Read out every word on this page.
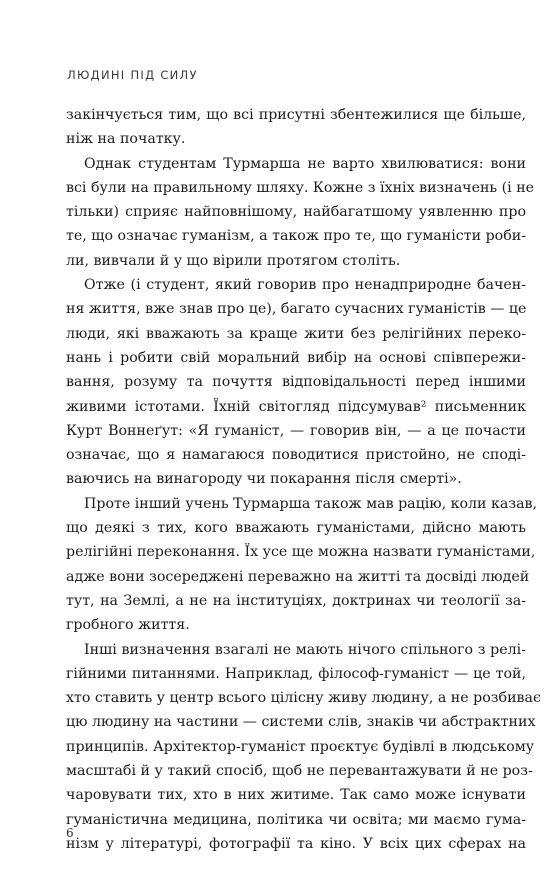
ЛЮДИНІ ПІД СИЛУ
закінчується тим, що всі присутні збентежилися ще більше,
ніж на початку.
Однак студентам Турмарша не варто хвилюватися: вони
всі були на правильному шляху. Кожне з їхніх визначень (і не
тільки) сприяє найповнішому, найбагатшому уявленню про
те, що означає гуманізм, а також про те, що гуманісти роби-
ли, вивчали й у що вірили протягом століть.
Отже (і студент, який говорив про ненадприродне бачен-
ня життя, вже знав про це), багато сучасних гуманістів — це
люди, які вважають за краще жити без релігійних переко-
нань і робити свій моральний вибір на основі співпережи-
вання, розуму та почуття відповідальності перед іншими
живими істотами. Їхній світогляд підсумував² письменник
Курт Воннеґут: «Я гуманіст, — говорив він, — а це почасти
означає, що я намагаюся поводитися пристойно, не сподi-
ваючись на винагороду чи покарання після смерті».
Проте інший учень Турмарша також мав рацію, коли казав,
що деякі з тих, кого вважають гуманістами, дійсно мають
релігійні переконання. Їх усе ще можна назвати гуманістами,
адже вони зосереджені переважно на житті та досвіді людей
тут, на Землі, а не на інституціях, доктринах чи теології за-
гробного життя.
Інші визначення взагалі не мають нічого спільного з релі-
гійними питаннями. Наприклад, філософ-гуманіст — це той,
хто ставить у центр всього цілісну живу людину, а не розбиває
цю людину на частини — системи слів, знаків чи абстрактних
принципів. Архітектор-гуманіст проєктує будівлі в людському
масштабі й у такий спосіб, щоб не перевантажувати й не роз-
чаровувати тих, хто в них житиме. Так само може існувати
гуманістична медицина, політика чи освіта; ми маємо гума-
нізм у літературі, фотографії та кіно. У всіх цих сферах на
6
